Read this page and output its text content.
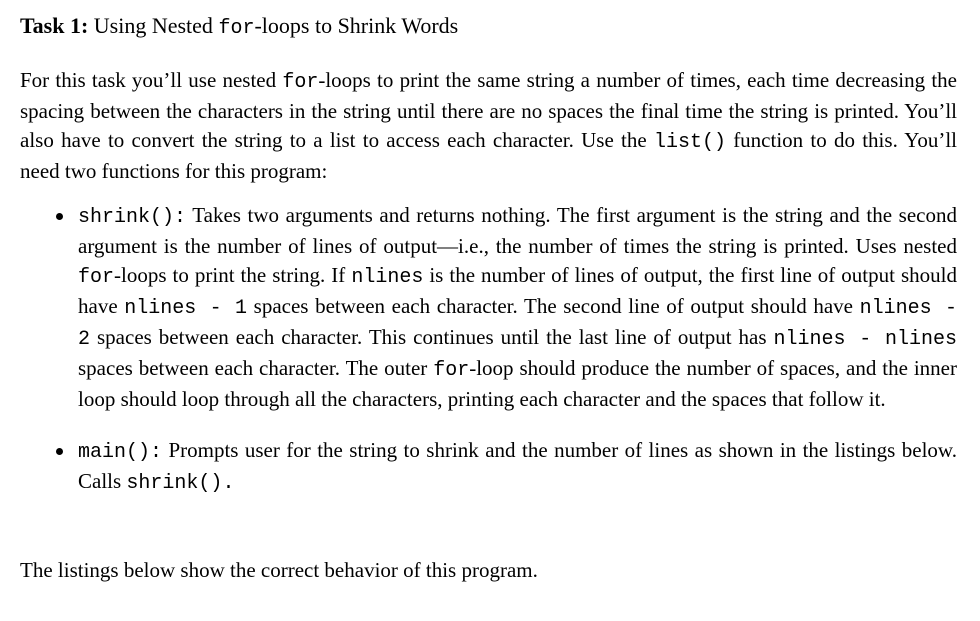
Task 1: Using Nested for-loops to Shrink Words

For this task you’ll use nested for-loops to print the same string a number of times, each time decreasing the spacing between the characters in the string until there are no spaces the final time the string is printed. You’ll also have to convert the string to a list to access each character. Use the list() function to do this. You’ll need two functions for this program:

shrink(): Takes two arguments and returns nothing. The first argument is the string and the second argument is the number of lines of output—i.e., the number of times the string is printed. Uses nested for-loops to print the string. If nlines is the number of lines of output, the first line of output should have nlines - 1 spaces between each character. The second line of output should have nlines - 2 spaces between each character. This continues until the last line of output has nlines - nlines spaces between each character. The outer for-loop should produce the number of spaces, and the inner loop should loop through all the characters, printing each character and the spaces that follow it.
main(): Prompts user for the string to shrink and the number of lines as shown in the listings below. Calls shrink().

The listings below show the correct behavior of this program.
